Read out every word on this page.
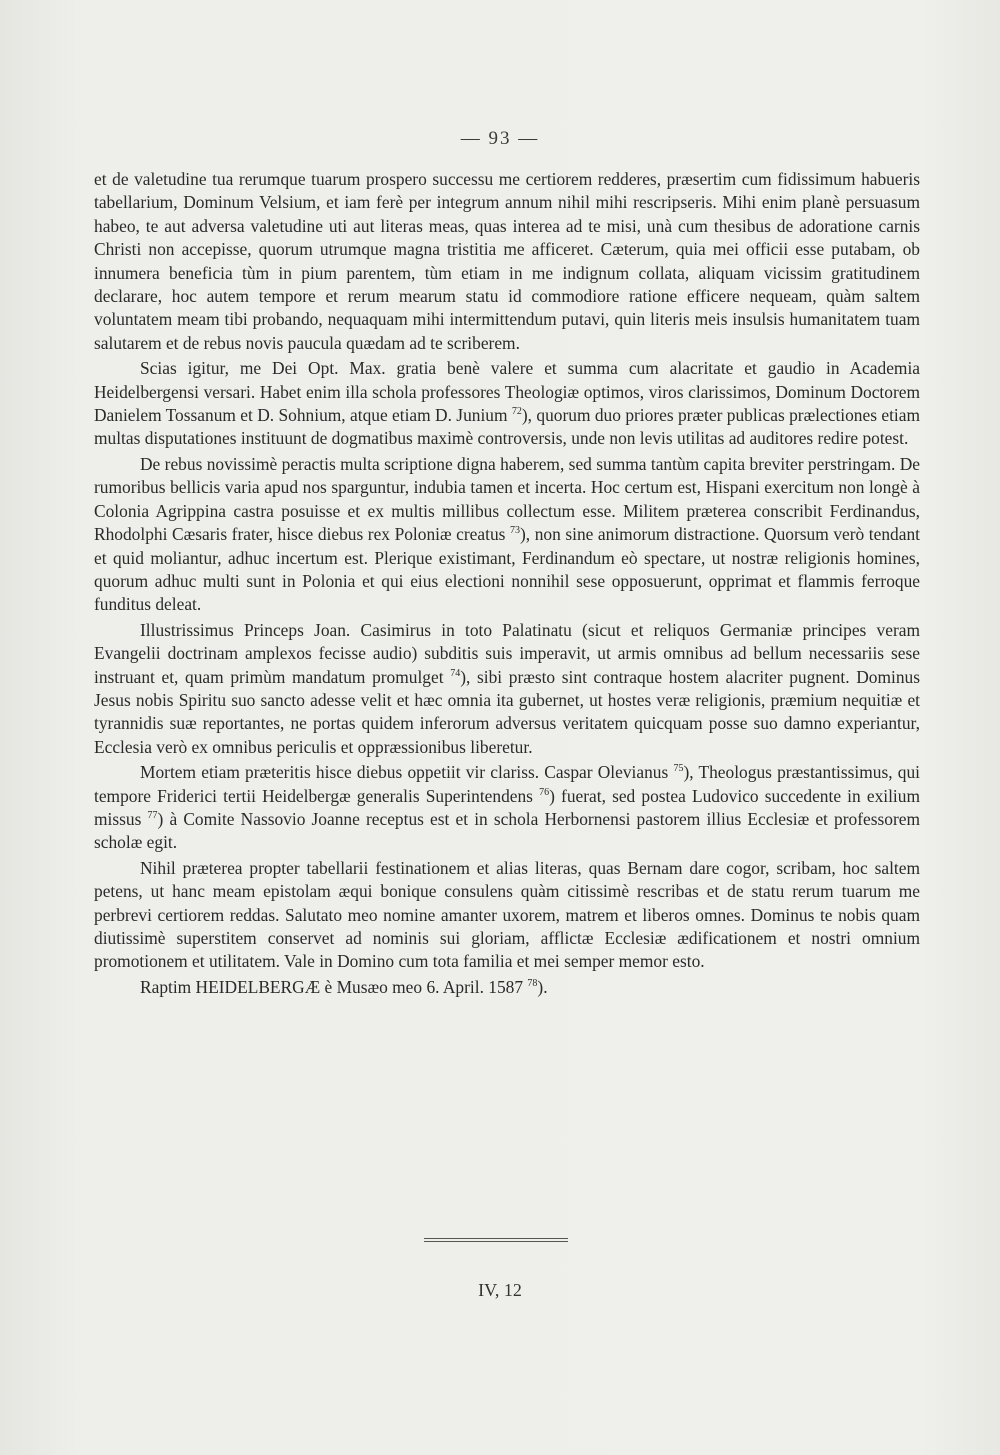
— 93 —

et de valetudine tua rerumque tuarum prospero successu me certiorem redderes, præsertim cum fidissimum habueris tabellarium, Dominum Velsium, et iam ferè per integrum annum nihil mihi rescripseris. Mihi enim planè persuasum habeo, te aut adversa valetudine uti aut literas meas, quas interea ad te misi, unà cum thesibus de adoratione carnis Christi non accepisse, quorum utrumque magna tristitia me afficeret. Cæterum, quia mei officii esse putabam, ob innumera beneficia tùm in pium parentem, tùm etiam in me indignum collata, aliquam vicissim gratitudinem declarare, hoc autem tempore et rerum mearum statu id commodiore ratione efficere nequeam, quàm saltem voluntatem meam tibi probando, nequaquam mihi intermittendum putavi, quin literis meis insulsis humanitatem tuam salutarem et de rebus novis paucula quædam ad te scriberem.

Scias igitur, me Dei Opt. Max. gratia benè valere et summa cum alacritate et gaudio in Academia Heidelbergensi versari. Habet enim illa schola professores Theologiæ optimos, viros clarissimos, Dominum Doctorem Danielem Tossanum et D. Sohnium, atque etiam D. Junium $^{72}$), quorum duo priores præter publicas prælectiones etiam multas disputationes instituunt de dogmatibus maximè controversis, unde non levis utilitas ad auditores redire potest.

De rebus novissimè peractis multa scriptione digna haberem, sed summa tantùm capita breviter perstringam. De rumoribus bellicis varia apud nos sparguntur, indubia tamen et incerta. Hoc certum est, Hispani exercitum non longè à Colonia Agrippina castra posuisse et ex multis millibus collectum esse. Militem præterea conscribit Ferdinandus, Rhodolphi Cæsaris frater, hisce diebus rex Poloniæ creatus $^{73}$), non sine animorum distractione. Quorsum verò tendant et quid moliantur, adhuc incertum est. Plerique existimant, Ferdinandum eò spectare, ut nostræ religionis homines, quorum adhuc multi sunt in Polonia et qui eius electioni nonnihil sese opposuerunt, opprimat et flammis ferroque funditus deleat.

Illustrissimus Princeps Joan. Casimirus in toto Palatinatu (sicut et reliquos Germaniæ principes veram Evangelii doctrinam amplexos fecisse audio) subditis suis imperavit, ut armis omnibus ad bellum necessariis sese instruant et, quam primùm mandatum promulget $^{74}$), sibi præsto sint contraque hostem alacriter pugnent. Dominus Jesus nobis Spiritu suo sancto adesse velit et hæc omnia ita gubernet, ut hostes veræ religionis, præmium nequitiæ et tyrannidis suæ reportantes, ne portas quidem inferorum adversus veritatem quicquam posse suo damno experiantur, Ecclesia verò ex omnibus periculis et oppræssionibus liberetur.

Mortem etiam præteritis hisce diebus oppetiit vir clariss. Caspar Olevianus $^{75}$), Theologus præstantissimus, qui tempore Friderici tertii Heidelbergæ generalis Superintendens $^{76}$) fuerat, sed postea Ludovico succedente in exilium missus $^{77}$) à Comite Nassovio Joanne receptus est et in schola Herbornensi pastorem illius Ecclesiæ et professorem scholæ egit.

Nihil præterea propter tabellarii festinationem et alias literas, quas Bernam dare cogor, scribam, hoc saltem petens, ut hanc meam epistolam æqui bonique consulens quàm citissimè rescribas et de statu rerum tuarum me perbrevi certiorem reddas. Salutato meo nomine amanter uxorem, matrem et liberos omnes. Dominus te nobis quam diutissimè superstitem conservet ad nominis sui gloriam, afflictæ Ecclesiæ ædificationem et nostri omnium promotionem et utilitatem. Vale in Domino cum tota familia et mei semper memor esto.

Raptim HEIDELBERGÆ è Musæo meo 6. April. 1587 $^{78}$).

IV, 12
